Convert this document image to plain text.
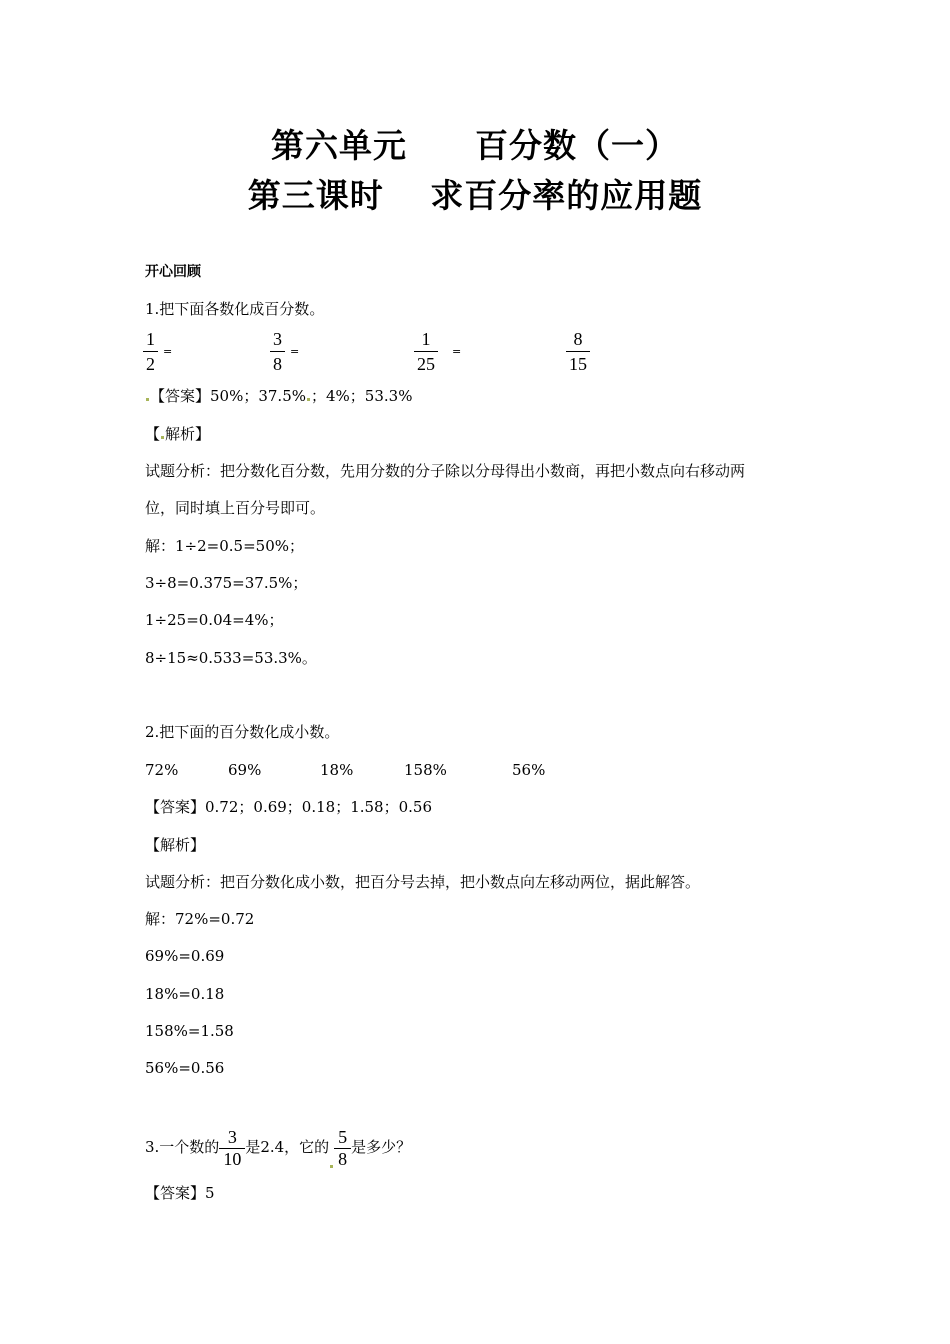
第六单元　　百分数（一）
第三课时　 求百分率的应用题
开心回顾
1.把下面各数化成百分数。
1
2
=
3
8
=
1
25
=
8
15
【答案】50%；37.5% ；4%；53.3%
【 解析】
试题分析：把分数化百分数，先用分数的分子除以分母得出小数商，再把小数点向右移动两
位，同时填上百分号即可。
解：1÷2=0.5=50%；
3÷8=0.375=37.5%；
1÷25=0.04=4%；
8÷15≈0.533=53.3%。
2.把下面的百分数化成小数。
72%	69%	18%	158%	56%
【答案】0.72；0.69；0.18；1.58；0.56
【解析】
试题分析：把百分数化成小数，把百分号去掉，把小数点向左移动两位，据此解答。
解：72%=0.72
69%=0.69
18%=0.18
158%=1.58
56%=0.56
3.一个数的 $\frac{3}{10}$ 是2.4，它的 $\frac{5}{8}$ 是多少？
【答案】5
